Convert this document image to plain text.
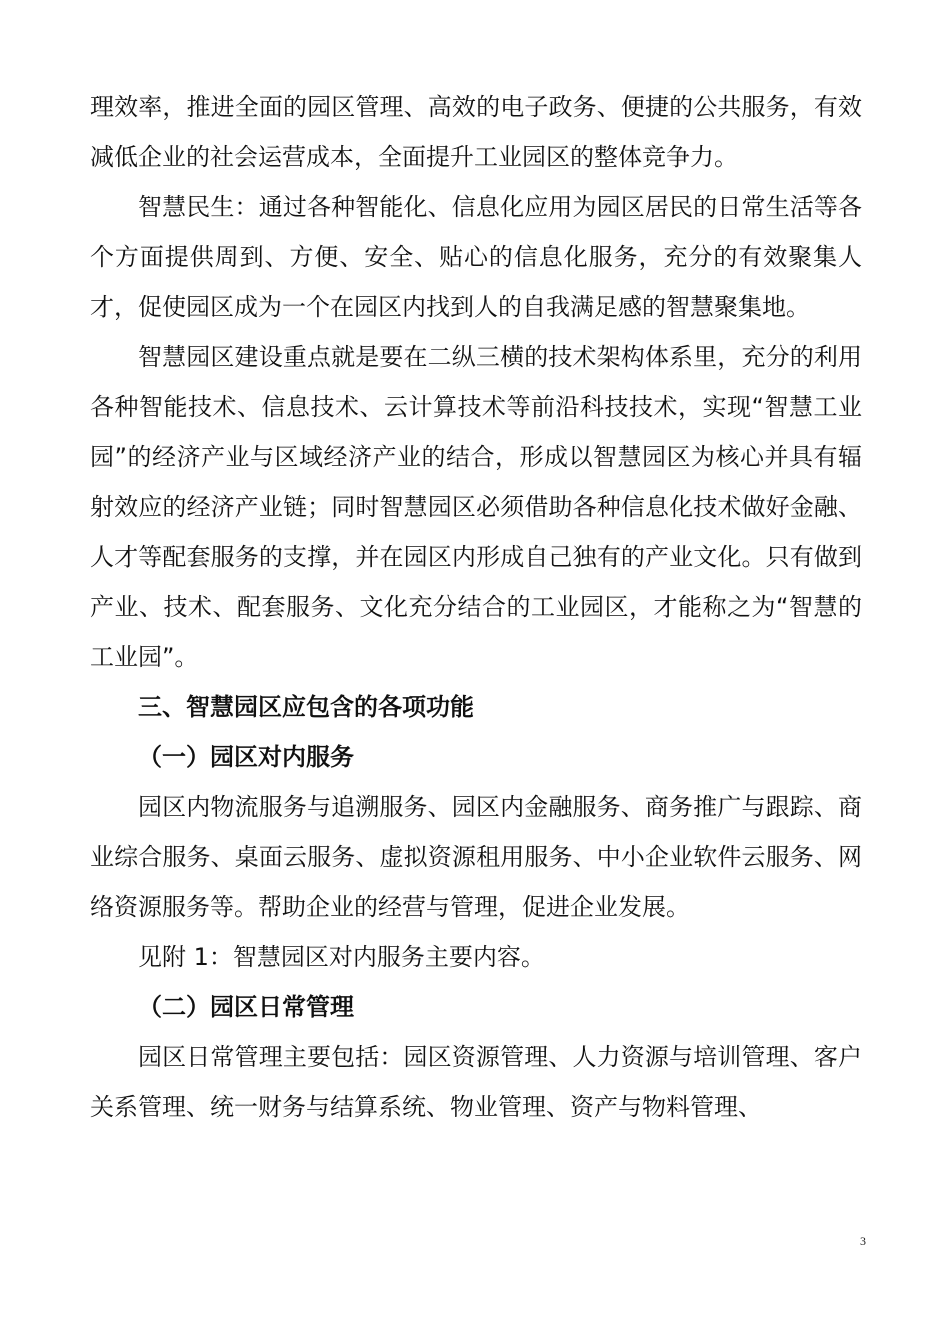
理效率，推进全面的园区管理、高效的电子政务、便捷的公共服务，有效减低企业的社会运营成本，全面提升工业园区的整体竞争力。

智慧民生：通过各种智能化、信息化应用为园区居民的日常生活等各个方面提供周到、方便、安全、贴心的信息化服务，充分的有效聚集人才，促使园区成为一个在园区内找到人的自我满足感的智慧聚集地。

智慧园区建设重点就是要在二纵三横的技术架构体系里，充分的利用各种智能技术、信息技术、云计算技术等前沿科技技术，实现“智慧工业园”的经济产业与区域经济产业的结合，形成以智慧园区为核心并具有辐射效应的经济产业链；同时智慧园区必须借助各种信息化技术做好金融、人才等配套服务的支撑，并在园区内形成自己独有的产业文化。只有做到产业、技术、配套服务、文化充分结合的工业园区，才能称之为“智慧的工业园”。

三、智慧园区应包含的各项功能

（一）园区对内服务

园区内物流服务与追溯服务、园区内金融服务、商务推广与跟踪、商业综合服务、桌面云服务、虚拟资源租用服务、中小企业软件云服务、网络资源服务等。帮助企业的经营与管理，促进企业发展。

见附 1：智慧园区对内服务主要内容。

（二）园区日常管理

园区日常管理主要包括：园区资源管理、人力资源与培训管理、客户关系管理、统一财务与结算系统、物业管理、资产与物料管理、

3
